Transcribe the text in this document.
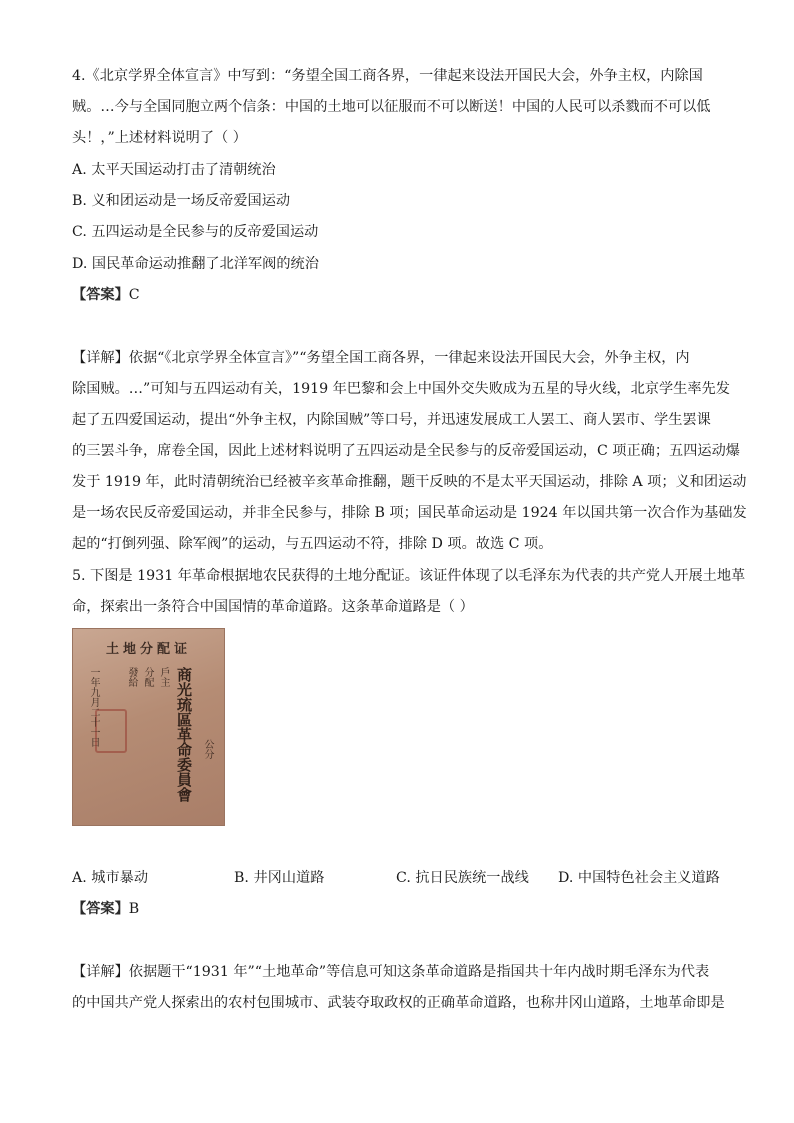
4.《北京学界全体宣言》中写到：“务望全国工商各界，一律起来设法开国民大会，外争主权，内除国
贼。…今与全国同胞立两个信条：中国的土地可以征服而不可以断送！中国的人民可以杀戮而不可以低
头！，”上述材料说明了（ ）
A. 太平天国运动打击了清朝统治
B. 义和团运动是一场反帝爱国运动
C. 五四运动是全民参与的反帝爱国运动
D. 国民革命运动推翻了北洋军阀的统治
【答案】C
【详解】依据“《北京学界全体宣言》”“务望全国工商各界，一律起来设法开国民大会，外争主权，内
除国贼。…”可知与五四运动有关，1919 年巴黎和会上中国外交失败成为五星的导火线，北京学生率先发
起了五四爱国运动，提出“外争主权，内除国贼”等口号，并迅速发展成工人罢工、商人罢市、学生罢课
的三罢斗争，席卷全国，因此上述材料说明了五四运动是全民参与的反帝爱国运动，C 项正确；五四运动爆
发于 1919 年，此时清朝统治已经被辛亥革命推翻，题干反映的不是太平天国运动，排除 A 项；义和团运动
是一场农民反帝爱国运动，并非全民参与，排除 B 项；国民革命运动是 1924 年以国共第一次合作为基础发
起的“打倒列强、除军阀”的运动，与五四运动不符，排除 D 项。故选 C 项。
5. 下图是 1931 年革命根据地农民获得的土地分配证。该证件体现了以毛泽东为代表的共产党人开展土地革
命，探索出一条符合中国国情的革命道路。这条革命道路是（ ）
土地分配证
一年九月二十一日	發給 分配 戶主 商光琉區革命委員會 公分
A. 城市暴动	B. 井冈山道路	C. 抗日民族统一战线 D. 中国特色社会主义道路
【答案】B
【详解】依据题干“1931 年”“土地革命”等信息可知这条革命道路是指国共十年内战时期毛泽东为代表
的中国共产党人探索出的农村包围城市、武装夺取政权的正确革命道路，也称井冈山道路，土地革命即是
